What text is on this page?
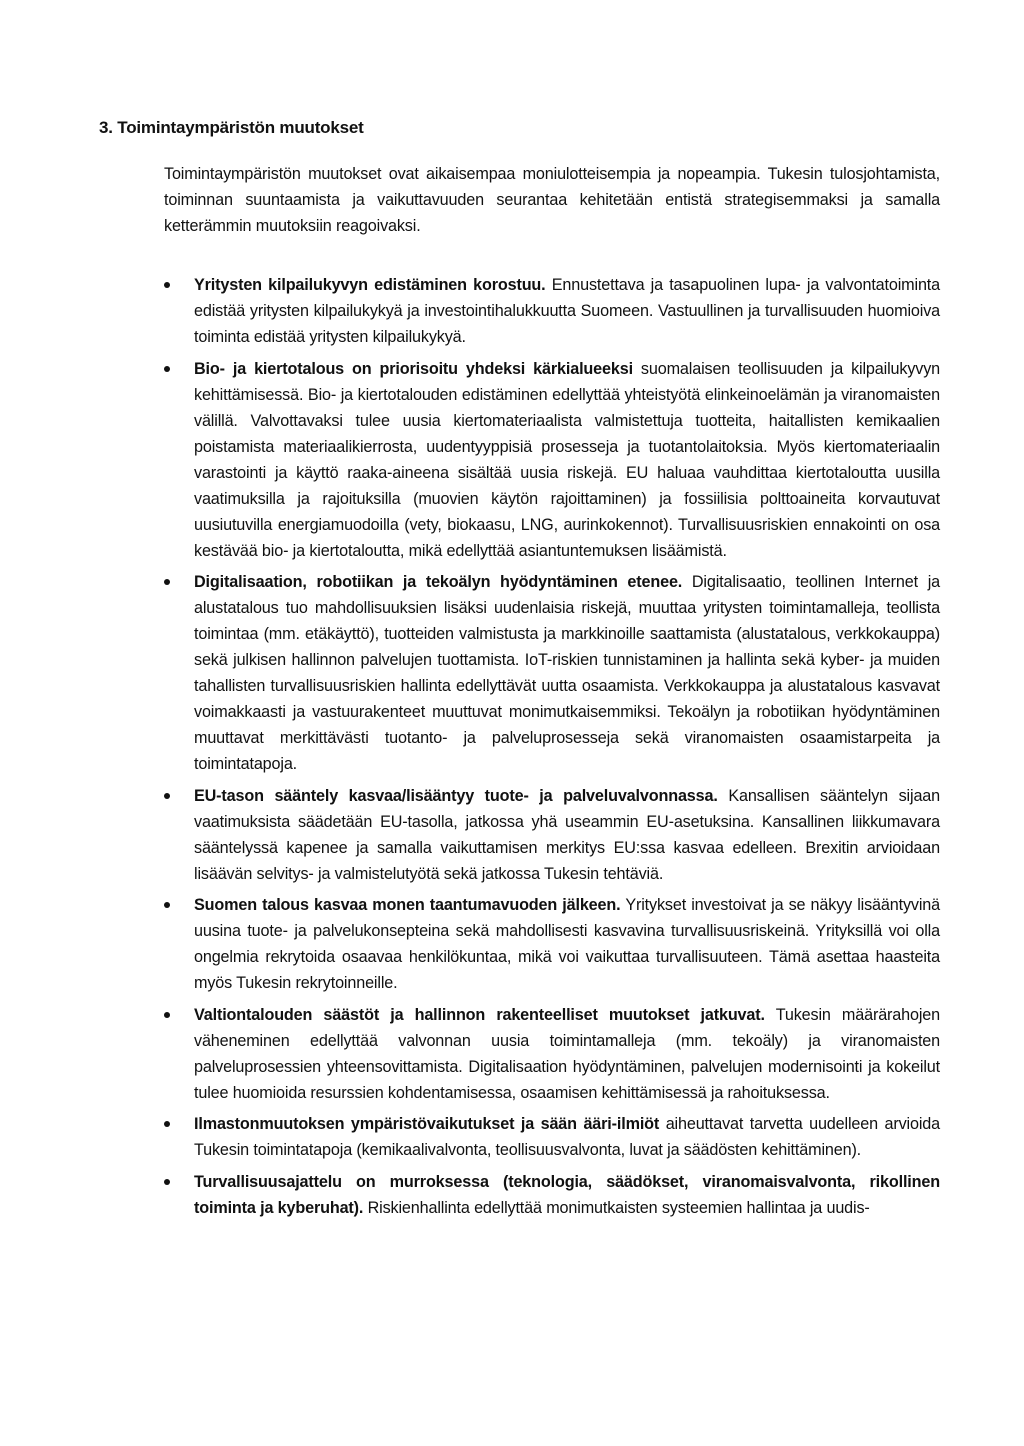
3. Toimintaympäristön muutokset
Toimintaympäristön muutokset ovat aikaisempaa moniulotteisempia ja nopeampia. Tukesin tulosjohtamista, toiminnan suuntaamista ja vaikuttavuuden seurantaa kehitetään entistä strategisemmaksi ja samalla ketterämmin muutoksiin reagoivaksi.
Yritysten kilpailukyvyn edistäminen korostuu. Ennustettava ja tasapuolinen lupa- ja valvontatoiminta edistää yritysten kilpailukykyä ja investointihalukkuutta Suomeen. Vastuullinen ja turvallisuuden huomioiva toiminta edistää yritysten kilpailukykyä.
Bio- ja kiertotalous on priorisoitu yhdeksi kärkialueeksi suomalaisen teollisuuden ja kilpailukyvyn kehittämisessä. Bio- ja kiertotalouden edistäminen edellyttää yhteistyötä elinkeinoelämän ja viranomaisten välillä. Valvottavaksi tulee uusia kiertomateriaalista valmistettuja tuotteita, haitallisten kemikaalien poistamista materiaalikierrosta, uudentyyppisiä prosesseja ja tuotantolaitoksia. Myös kiertomateriaalin varastointi ja käyttö raaka-aineena sisältää uusia riskejä. EU haluaa vauhdittaa kiertotaloutta uusilla vaatimuksilla ja rajoituksilla (muovien käytön rajoittaminen) ja fossiilisia polttoaineita korvautuvat uusiutuvilla energiamuodoilla (vety, biokaasu, LNG, aurinkokennot). Turvallisuusriskien ennakointi on osa kestävää bio- ja kiertotaloutta, mikä edellyttää asiantuntemuksen lisäämistä.
Digitalisaation, robotiikan ja tekoälyn hyödyntäminen etenee. Digitalisaatio, teollinen Internet ja alustatalous tuo mahdollisuuksien lisäksi uudenlaisia riskejä, muuttaa yritysten toimintamalleja, teollista toimintaa (mm. etäkäyttö), tuotteiden valmistusta ja markkinoille saattamista (alustatalous, verkkokauppa) sekä julkisen hallinnon palvelujen tuottamista. IoT-riskien tunnistaminen ja hallinta sekä kyber- ja muiden tahallisten turvallisuusriskien hallinta edellyttävät uutta osaamista. Verkkokauppa ja alustatalous kasvavat voimakkaasti ja vastuurakenteet muuttuvat monimutkaisemmiksi. Tekoälyn ja robotiikan hyödyntäminen muuttavat merkittävästi tuotanto- ja palveluprosesseja sekä viranomaisten osaamistarpeita ja toimintatapoja.
EU-tason sääntely kasvaa/lisääntyy tuote- ja palveluvalvonnassa. Kansallisen sääntelyn sijaan vaatimuksista säädetään EU-tasolla, jatkossa yhä useammin EU-asetuksina. Kansallinen liikkumavara sääntelyssä kapenee ja samalla vaikuttamisen merkitys EU:ssa kasvaa edelleen. Brexitin arvioidaan lisäävän selvitys- ja valmistelutyötä sekä jatkossa Tukesin tehtäviä.
Suomen talous kasvaa monen taantumavuoden jälkeen. Yritykset investoivat ja se näkyy lisääntyvinä uusina tuote- ja palvelukonsepteina sekä mahdollisesti kasvavina turvallisuusriskeinä. Yrityksillä voi olla ongelmia rekrytoida osaavaa henkilökuntaa, mikä voi vaikuttaa turvallisuuteen. Tämä asettaa haasteita myös Tukesin rekrytoinneille.
Valtiontalouden säästöt ja hallinnon rakenteelliset muutokset jatkuvat. Tukesin määrärahojen väheneminen edellyttää valvonnan uusia toimintamalleja (mm. tekoäly) ja viranomaisten palveluprosessien yhteensovittamista. Digitalisaation hyödyntäminen, palvelujen modernisointi ja kokeilut tulee huomioida resurssien kohdentamisessa, osaamisen kehittämisessä ja rahoituksessa.
Ilmastonmuutoksen ympäristövaikutukset ja sään ääri-ilmiöt aiheuttavat tarvetta uudelleen arvioida Tukesin toimintatapoja (kemikaalivalvonta, teollisuusvalvonta, luvat ja säädösten kehittäminen).
Turvallisuusajattelu on murroksessa (teknologia, säädökset, viranomaisvalvonta, rikollinen toiminta ja kyberuhat). Riskienhallinta edellyttää monimutkaisten systeemien hallintaa ja uudis-
